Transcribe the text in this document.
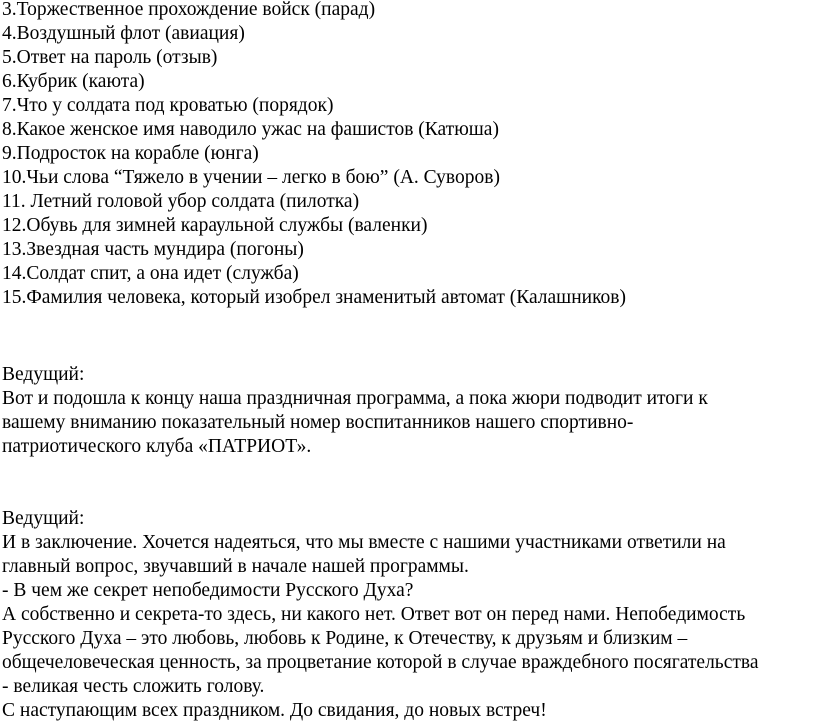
3.Торжественное прохождение войск (парад)
4.Воздушный флот (авиация)
5.Ответ на пароль (отзыв)
6.Кубрик (каюта)
7.Что у солдата под кроватью (порядок)
8.Какое женское имя наводило ужас на фашистов (Катюша)
9.Подросток на корабле (юнга)
10.Чьи слова “Тяжело в учении – легко в бою” (А. Суворов)
11. Летний головой убор солдата (пилотка)
12.Обувь для зимней караульной службы (валенки)
13.Звездная часть мундира (погоны)
14.Солдат спит, а она идет (служба)
15.Фамилия человека, который изобрел знаменитый автомат (Калашников)
Ведущий:
Вот и подошла к концу наша праздничная программа, а пока жюри подводит итоги к
вашему вниманию показательный номер воспитанников нашего спортивно-
патриотического клуба «ПАТРИОТ».
Ведущий:
И в заключение. Хочется надеяться, что мы вместе с нашими участниками ответили на
главный вопрос, звучавший в начале нашей программы.
- В чем же секрет непобедимости Русского Духа?
А собственно и секрета-то здесь, ни какого нет. Ответ вот он перед нами. Непобедимость
Русского Духа – это любовь, любовь к Родине, к Отечеству, к друзьям и близким –
общечеловеческая ценность, за процветание которой в случае враждебного посягательства
- великая честь сложить голову.
С наступающим всех праздником. До свидания, до новых встреч!
